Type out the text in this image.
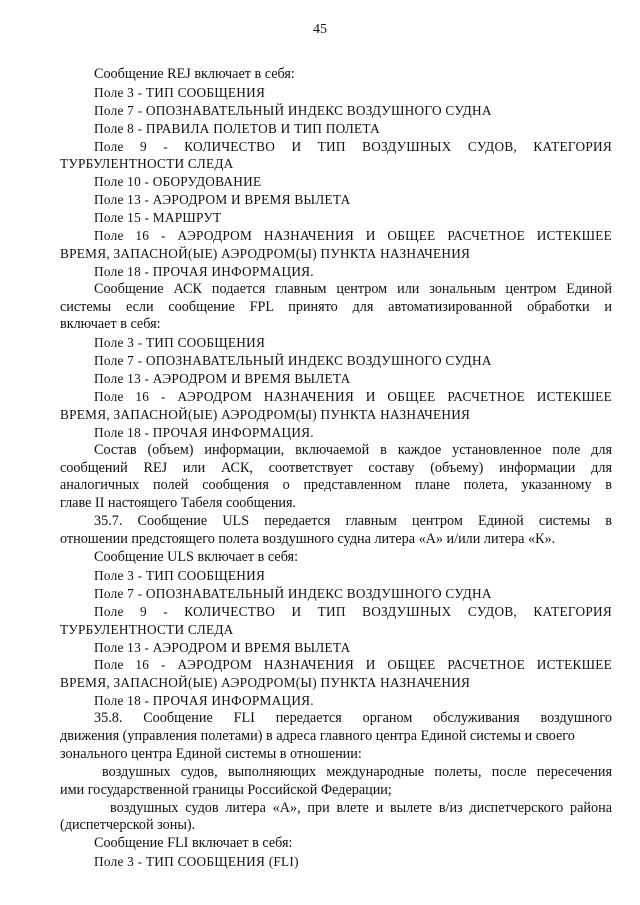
45
Сообщение REJ включает в себя:
Поле 3 - ТИП СООБЩЕНИЯ
Поле 7 - ОПОЗНАВАТЕЛЬНЫЙ ИНДЕКС ВОЗДУШНОГО СУДНА
Поле 8 - ПРАВИЛА ПОЛЕТОВ И ТИП ПОЛЕТА
Поле 9 - КОЛИЧЕСТВО И ТИП ВОЗДУШНЫХ СУДОВ, КАТЕГОРИЯ
ТУРБУЛЕНТНОСТИ СЛЕДА
Поле 10 - ОБОРУДОВАНИЕ
Поле 13 - АЭРОДРОМ И ВРЕМЯ ВЫЛЕТА
Поле 15 - МАРШРУТ
Поле 16 - АЭРОДРОМ НАЗНАЧЕНИЯ И ОБЩЕЕ РАСЧЕТНОЕ ИСТЕКШЕЕ
ВРЕМЯ, ЗАПАСНОЙ(ЫЕ) АЭРОДРОМ(Ы) ПУНКТА НАЗНАЧЕНИЯ
Поле 18 - ПРОЧАЯ ИНФОРМАЦИЯ.
Сообщение АСК подается главным центром или зональным центром Единой
системы если сообщение FPL принято для автоматизированной обработки и
включает в себя:
Поле 3 - ТИП СООБЩЕНИЯ
Поле 7 - ОПОЗНАВАТЕЛЬНЫЙ ИНДЕКС ВОЗДУШНОГО СУДНА
Поле 13 - АЭРОДРОМ И ВРЕМЯ ВЫЛЕТА
Поле 16 - АЭРОДРОМ НАЗНАЧЕНИЯ И ОБЩЕЕ РАСЧЕТНОЕ ИСТЕКШЕЕ
ВРЕМЯ, ЗАПАСНОЙ(ЫЕ) АЭРОДРОМ(Ы) ПУНКТА НАЗНАЧЕНИЯ
Поле 18 - ПРОЧАЯ ИНФОРМАЦИЯ.
Состав (объем) информации, включаемой в каждое установленное поле для
сообщений REJ или АСК, соответствует составу (объему) информации для
аналогичных полей сообщения о представленном плане полета, указанному в
главе II настоящего Табеля сообщения.
35.7. Сообщение ULS передается главным центром Единой системы в
отношении предстоящего полета воздушного судна литера «А» и/или литера «К».
Сообщение ULS включает в себя:
Поле 3 - ТИП СООБЩЕНИЯ
Поле 7 - ОПОЗНАВАТЕЛЬНЫЙ ИНДЕКС ВОЗДУШНОГО СУДНА
Поле 9 - КОЛИЧЕСТВО И ТИП ВОЗДУШНЫХ СУДОВ, КАТЕГОРИЯ
ТУРБУЛЕНТНОСТИ СЛЕДА
Поле 13 - АЭРОДРОМ И ВРЕМЯ ВЫЛЕТА
Поле 16 - АЭРОДРОМ НАЗНАЧЕНИЯ И ОБЩЕЕ РАСЧЕТНОЕ ИСТЕКШЕЕ
ВРЕМЯ, ЗАПАСНОЙ(ЫЕ) АЭРОДРОМ(Ы) ПУНКТА НАЗНАЧЕНИЯ
Поле 18 - ПРОЧАЯ ИНФОРМАЦИЯ.
35.8. Сообщение FLI передается органом обслуживания воздушного
движения (управления полетами) в адреса главного центра Единой системы и своего
зонального центра Единой системы в отношении:
воздушных судов, выполняющих международные полеты, после пересечения
ими государственной границы Российской Федерации;
воздушных судов литера «А», при влете и вылете в/из диспетчерского района
(диспетчерской зоны).
Сообщение FLI включает в себя:
Поле 3 - ТИП СООБЩЕНИЯ (FLI)
